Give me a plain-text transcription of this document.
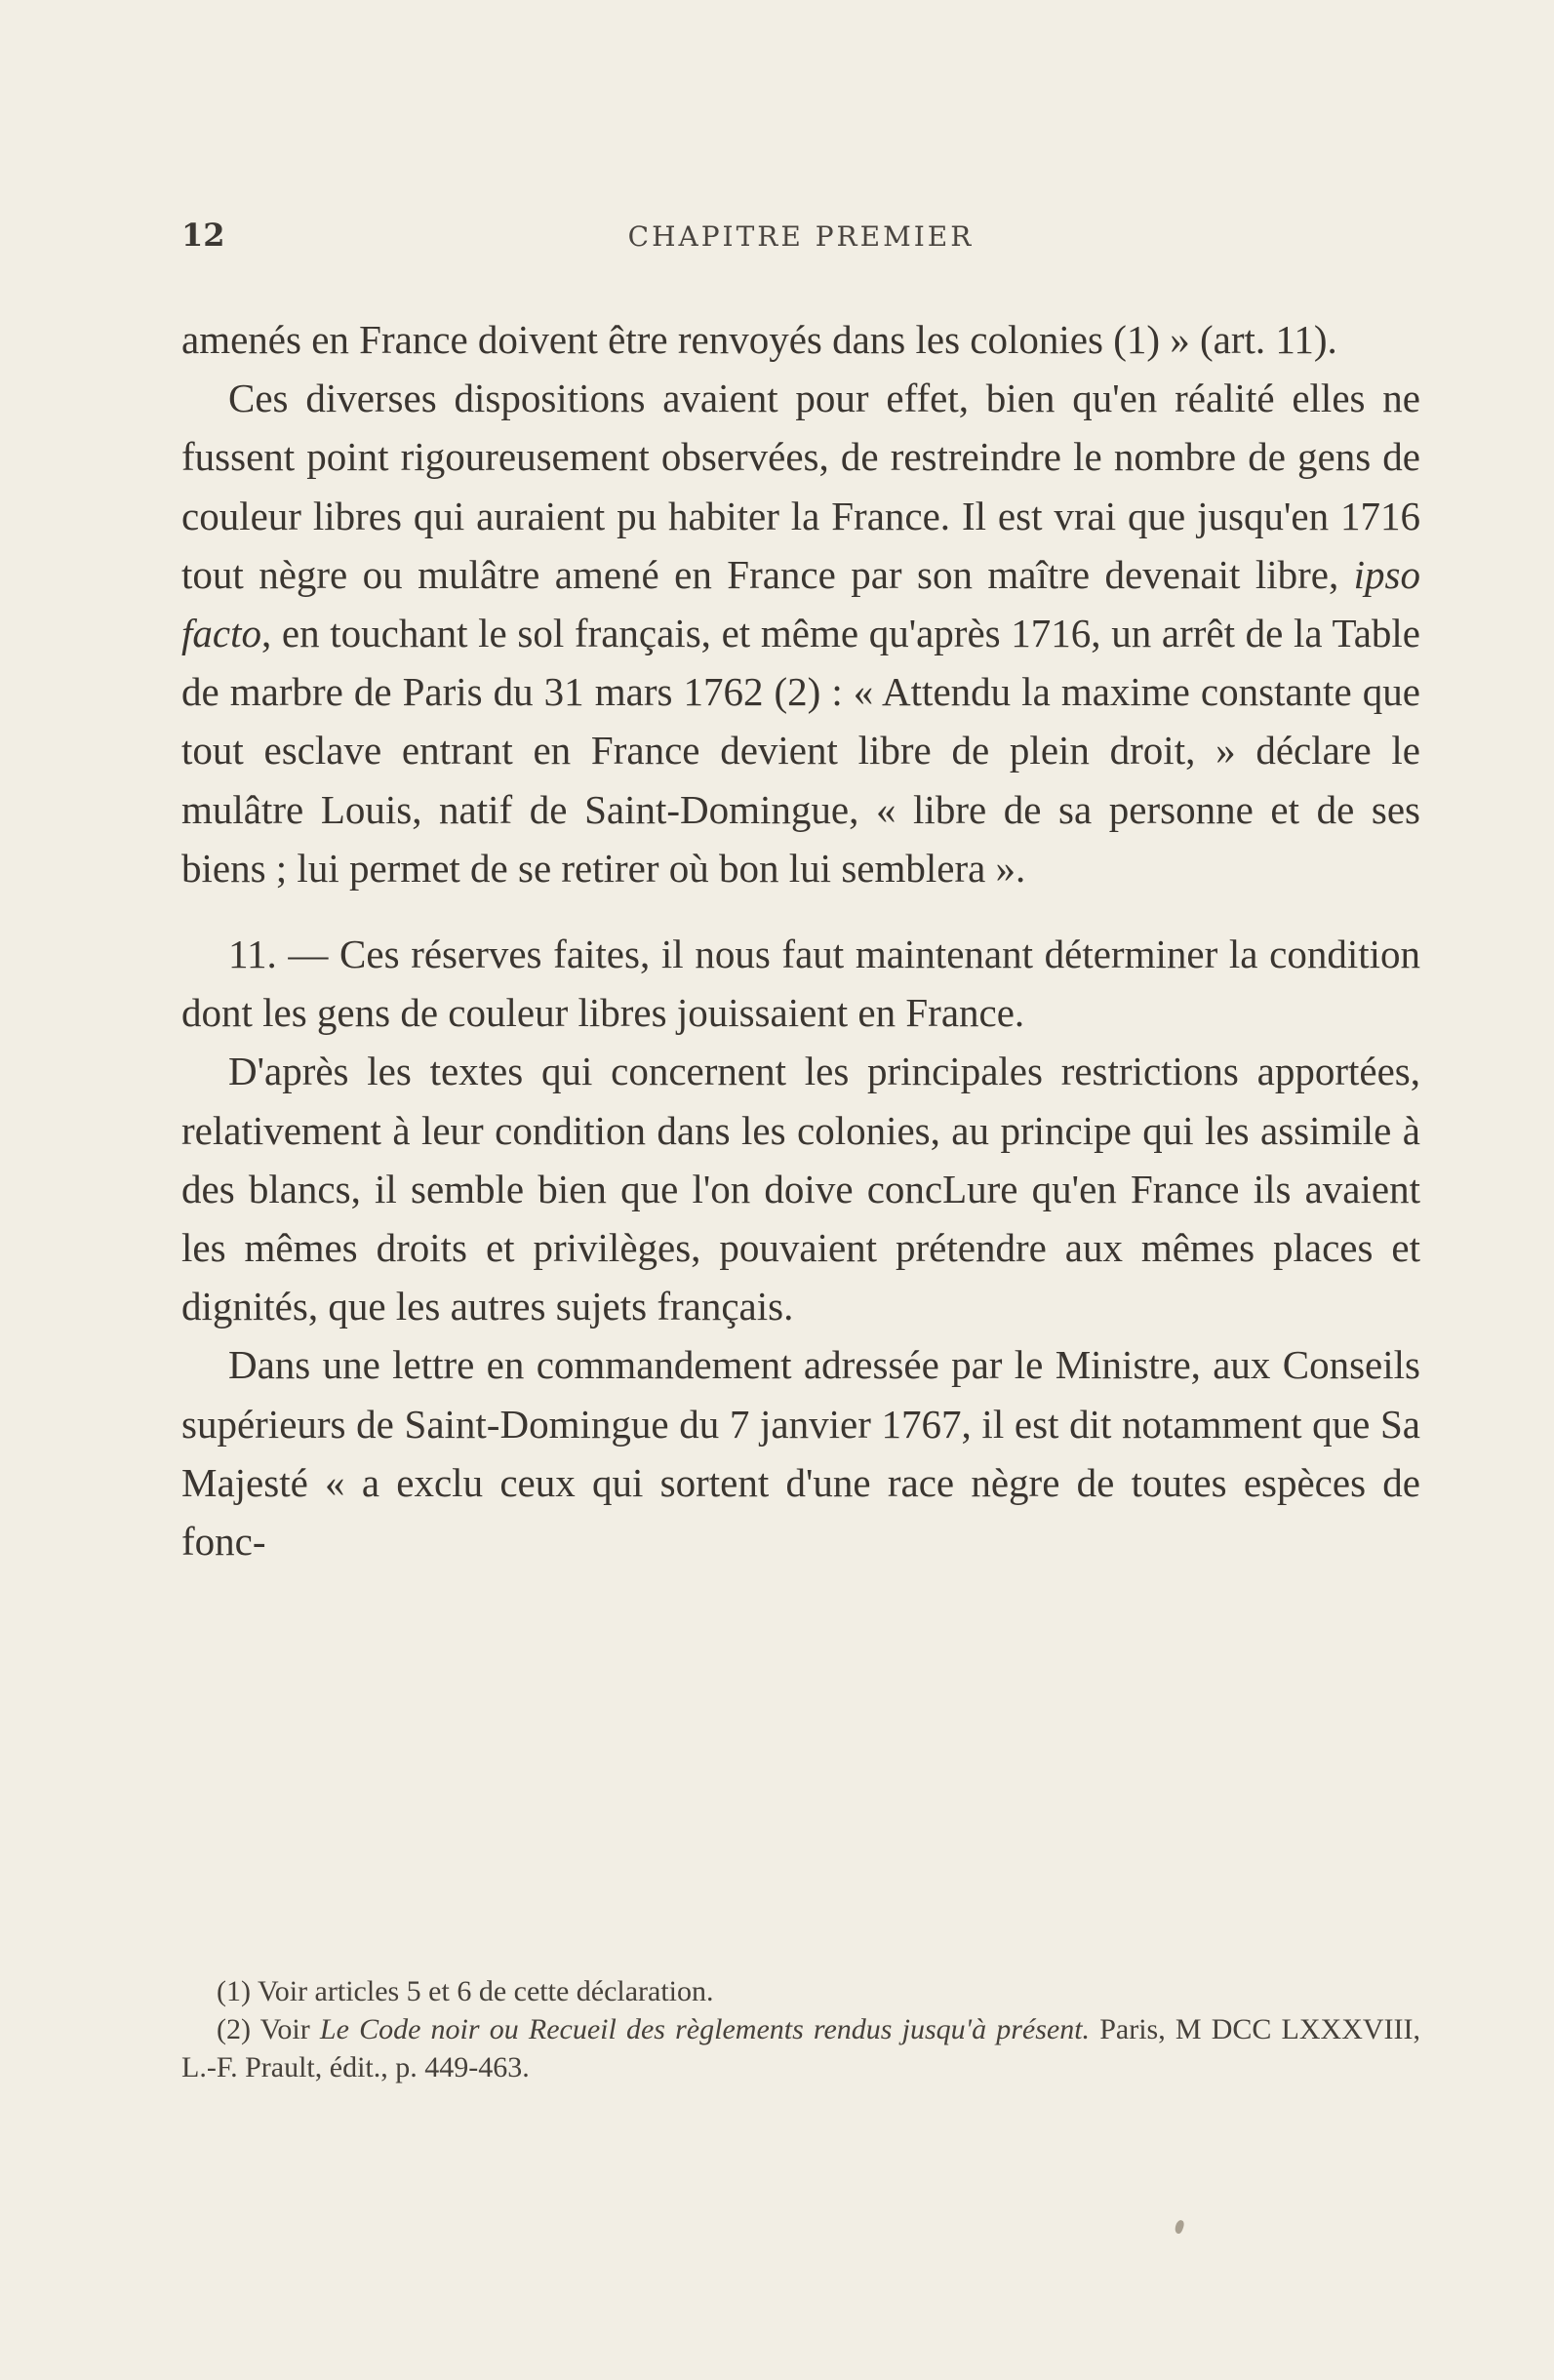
12	CHAPITRE PREMIER

amenés en France doivent être renvoyés dans les colonies (1) » (art. 11).

Ces diverses dispositions avaient pour effet, bien qu'en réalité elles ne fussent point rigoureusement observées, de restreindre le nombre de gens de couleur libres qui auraient pu habiter la France. Il est vrai que jusqu'en 1716 tout nègre ou mulâtre amené en France par son maître devenait libre, ipso facto, en touchant le sol français, et même qu'après 1716, un arrêt de la Table de marbre de Paris du 31 mars 1762 (2) : « Attendu la maxime constante que tout esclave entrant en France devient libre de plein droit, » déclare le mulâtre Louis, natif de Saint-Domingue, « libre de sa personne et de ses biens ; lui permet de se retirer où bon lui semblera ».

11. — Ces réserves faites, il nous faut maintenant déterminer la condition dont les gens de couleur libres jouissaient en France.

D'après les textes qui concernent les principales restrictions apportées, relativement à leur condition dans les colonies, au principe qui les assimile à des blancs, il semble bien que l'on doive concLure qu'en France ils avaient les mêmes droits et privilèges, pouvaient prétendre aux mêmes places et dignités, que les autres sujets français.

Dans une lettre en commandement adressée par le Ministre, aux Conseils supérieurs de Saint-Domingue du 7 janvier 1767, il est dit notamment que Sa Majesté « a exclu ceux qui sortent d'une race nègre de toutes espèces de fonc-

(1) Voir articles 5 et 6 de cette déclaration.

(2) Voir Le Code noir ou Recueil des règlements rendus jusqu'à présent. Paris, M DCC LXXXVIII, L.-F. Prault, édit., p. 449-463.
